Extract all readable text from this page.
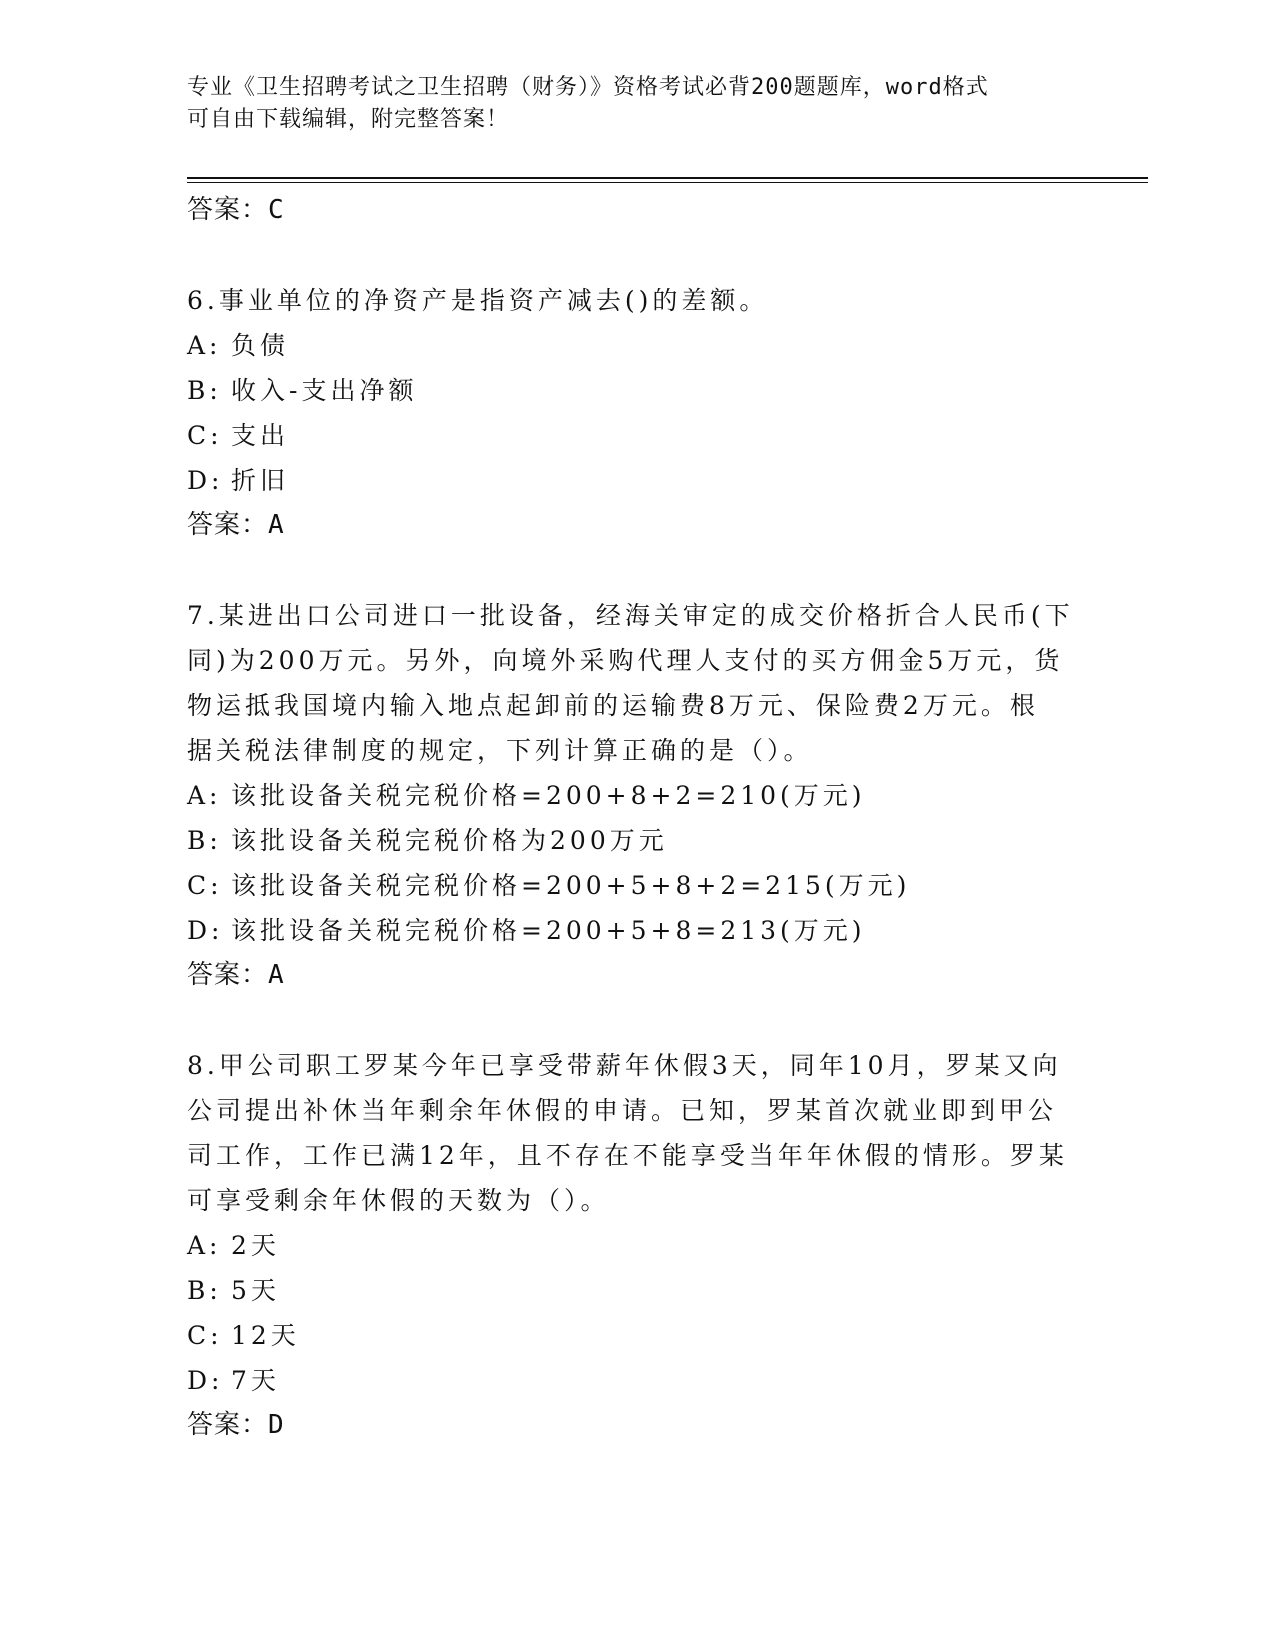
专业《卫生招聘考试之卫生招聘（财务）》资格考试必背200题题库，word格式
可自由下载编辑，附完整答案！
答案：C
6.事业单位的净资产是指资产减去()的差额。
A: 负债
B: 收入-支出净额
C: 支出
D: 折旧
答案：A
7.某进出口公司进口一批设备，经海关审定的成交价格折合人民币(下
同)为200万元。另外，向境外采购代理人支付的买方佣金5万元，货
物运抵我国境内输入地点起卸前的运输费8万元、保险费2万元。根
据关税法律制度的规定，下列计算正确的是（）。
A: 该批设备关税完税价格=200+8+2=210(万元)
B: 该批设备关税完税价格为200万元
C: 该批设备关税完税价格=200+5+8+2=215(万元)
D: 该批设备关税完税价格=200+5+8=213(万元)
答案：A
8.甲公司职工罗某今年已享受带薪年休假3天，同年10月，罗某又向
公司提出补休当年剩余年休假的申请。已知，罗某首次就业即到甲公
司工作，工作已满12年，且不存在不能享受当年年休假的情形。罗某
可享受剩余年休假的天数为（）。
A: 2天
B: 5天
C: 12天
D: 7天
答案：D
